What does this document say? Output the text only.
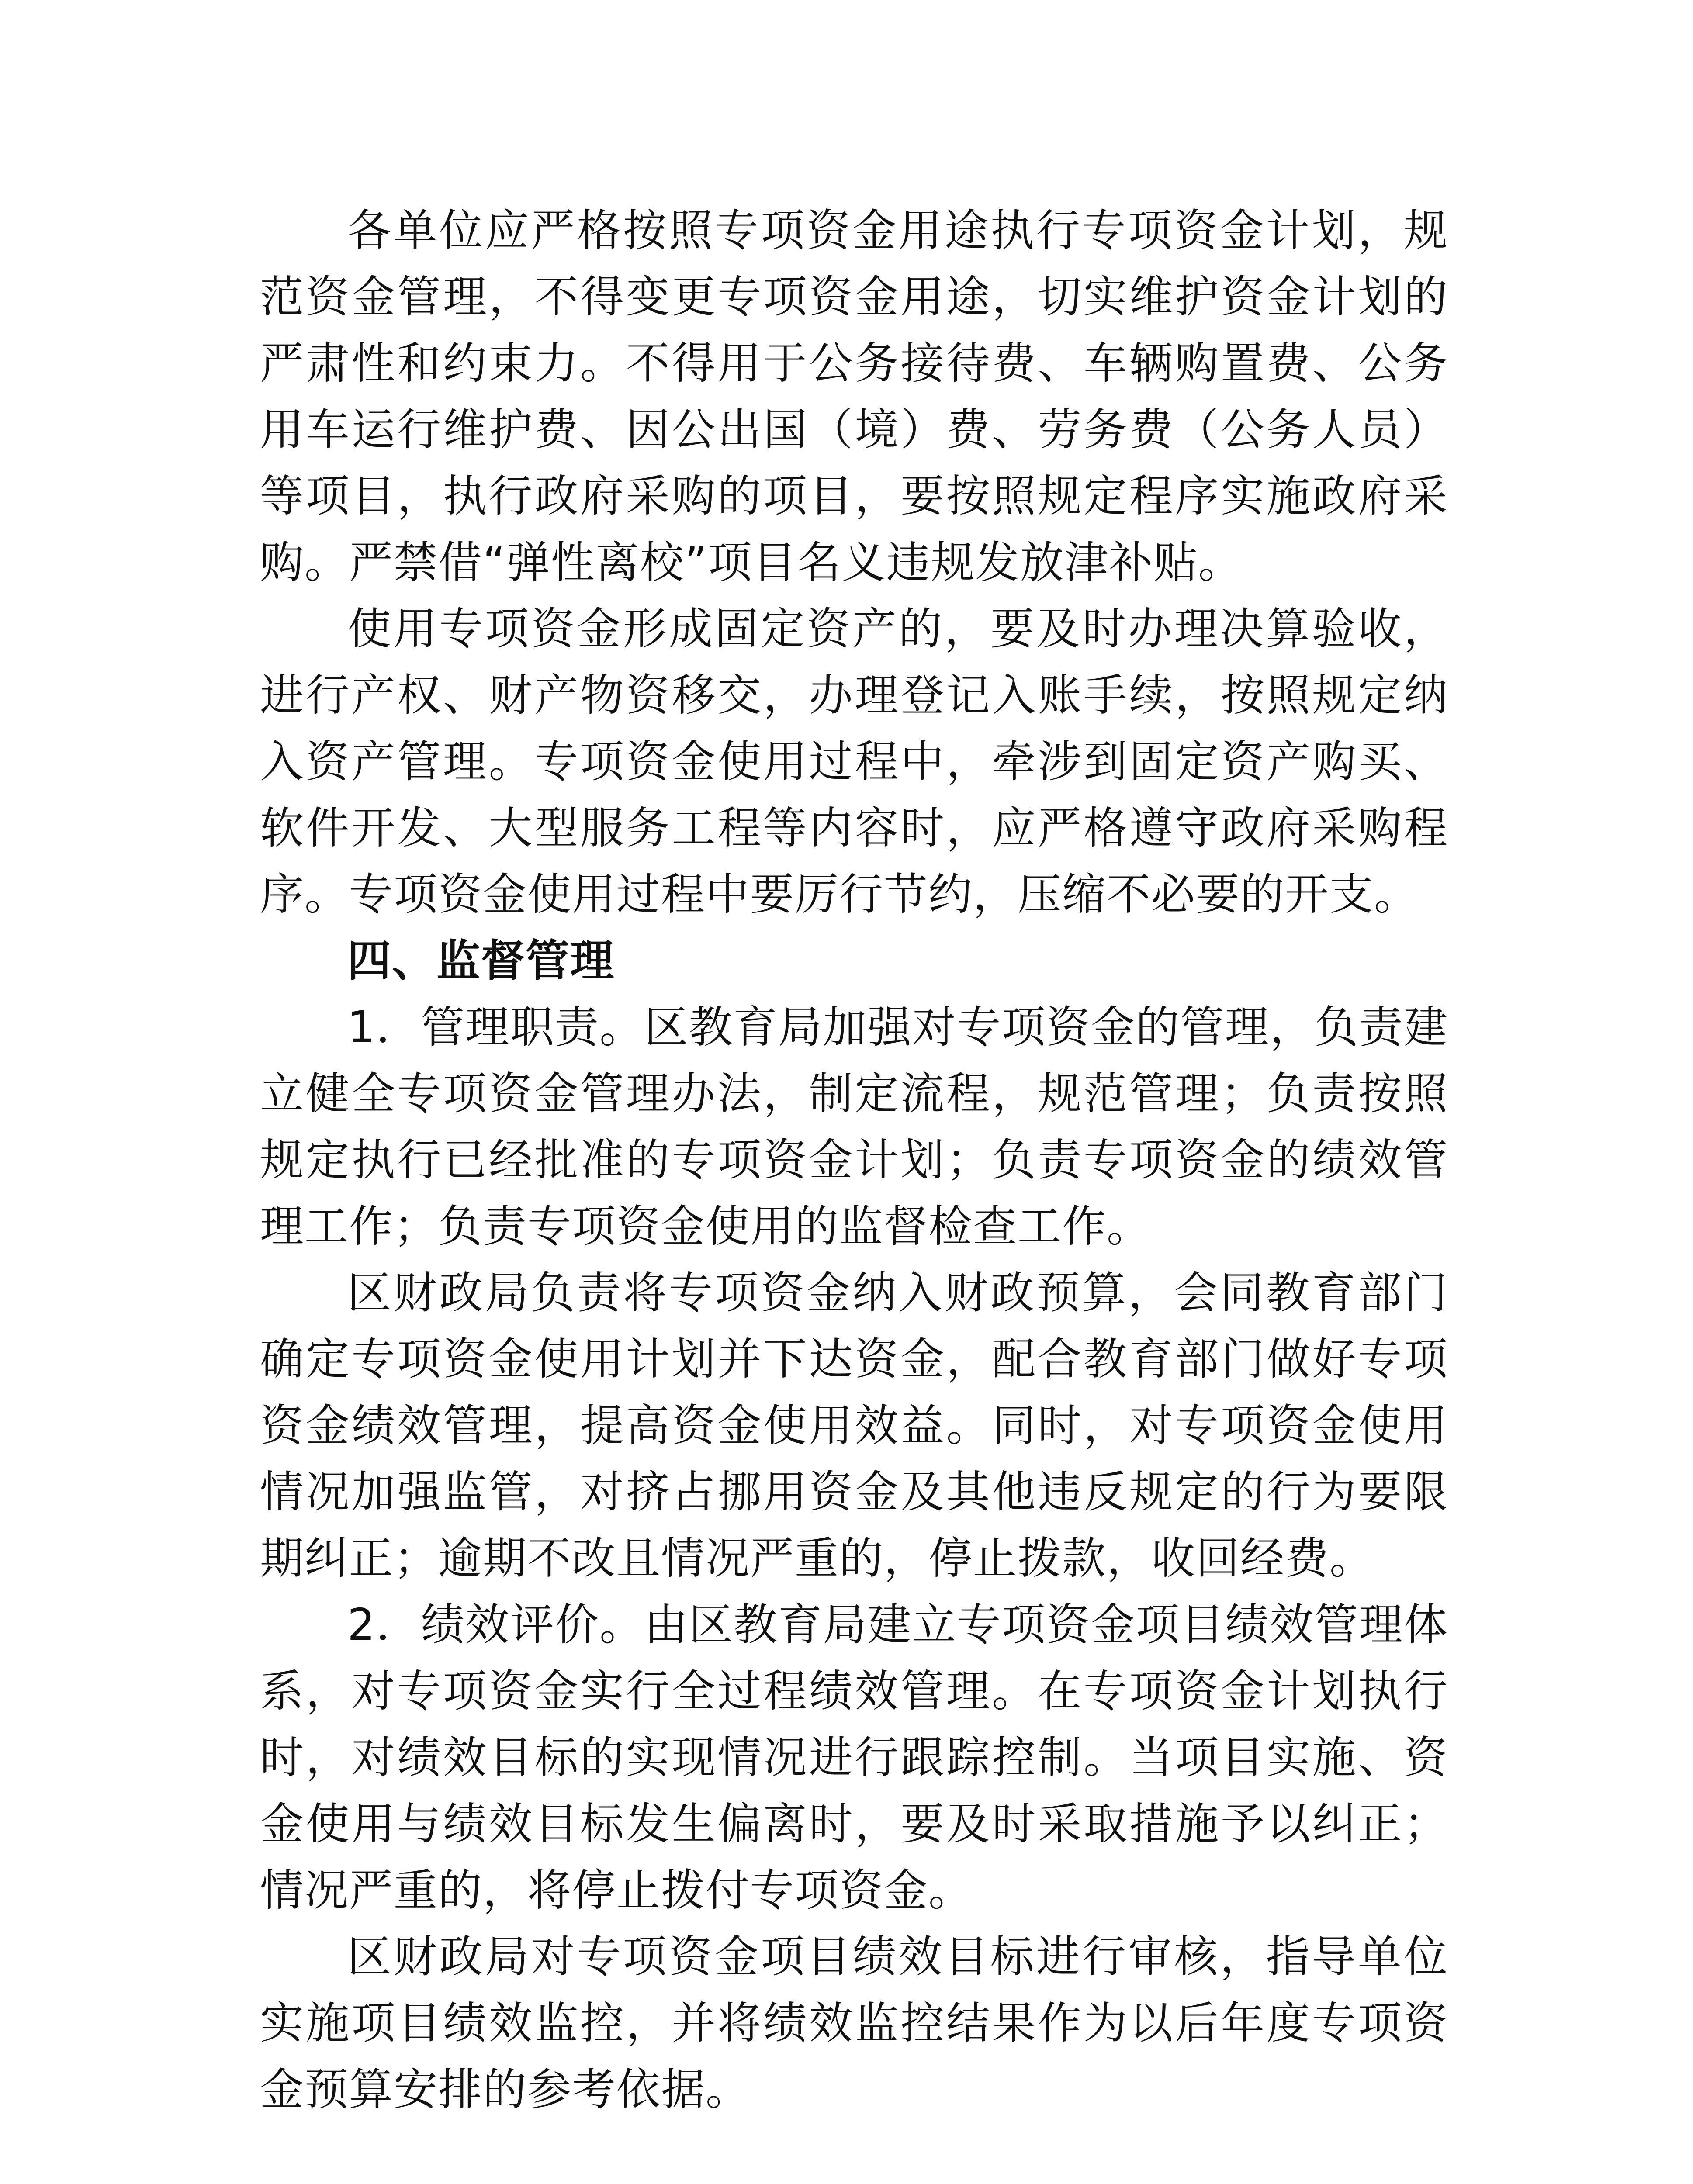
各单位应严格按照专项资金用途执行专项资金计划，规范资金管理，不得变更专项资金用途，切实维护资金计划的严肃性和约束力。不得用于公务接待费、车辆购置费、公务用车运行维护费、因公出国（境）费、劳务费（公务人员）等项目，执行政府采购的项目，要按照规定程序实施政府采购。严禁借“弹性离校”项目名义违规发放津补贴。

使用专项资金形成固定资产的，要及时办理决算验收，进行产权、财产物资移交，办理登记入账手续，按照规定纳入资产管理。专项资金使用过程中，牵涉到固定资产购买、软件开发、大型服务工程等内容时，应严格遵守政府采购程序。专项资金使用过程中要厉行节约，压缩不必要的开支。

四、监督管理

1．管理职责。区教育局加强对专项资金的管理，负责建立健全专项资金管理办法，制定流程，规范管理；负责按照规定执行已经批准的专项资金计划；负责专项资金的绩效管理工作；负责专项资金使用的监督检查工作。

区财政局负责将专项资金纳入财政预算，会同教育部门确定专项资金使用计划并下达资金，配合教育部门做好专项资金绩效管理，提高资金使用效益。同时，对专项资金使用情况加强监管，对挤占挪用资金及其他违反规定的行为要限期纠正；逾期不改且情况严重的，停止拨款，收回经费。

2．绩效评价。由区教育局建立专项资金项目绩效管理体系，对专项资金实行全过程绩效管理。在专项资金计划执行时，对绩效目标的实现情况进行跟踪控制。当项目实施、资金使用与绩效目标发生偏离时，要及时采取措施予以纠正；情况严重的，将停止拨付专项资金。

区财政局对专项资金项目绩效目标进行审核，指导单位实施项目绩效监控，并将绩效监控结果作为以后年度专项资金预算安排的参考依据。
